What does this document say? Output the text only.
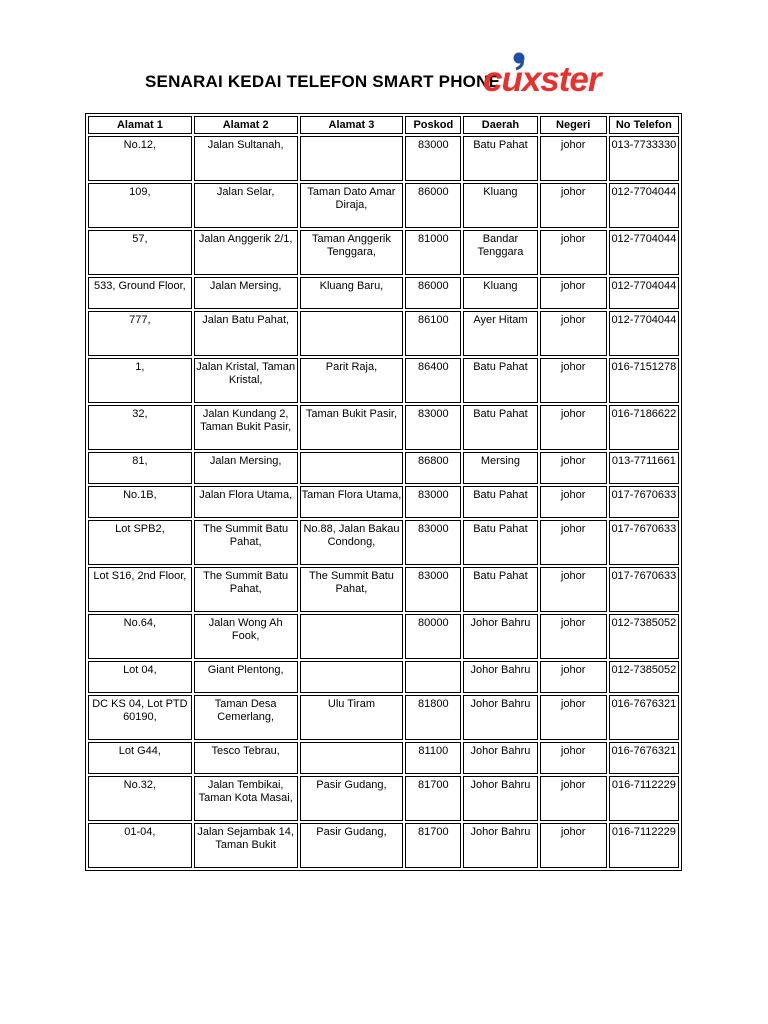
SENARAI KEDAI TELEFON SMART PHONE
cuxster
Alamat 1	Alamat 2	Alamat 3	Poskod	Daerah	Negeri	No Telefon
No.12,	Jalan Sultanah,		83000	Batu Pahat	johor	013-7733330
109,	Jalan Selar,	Taman Dato Amar Diraja,	86000	Kluang	johor	012-7704044
57,	Jalan Anggerik 2/1,	Taman Anggerik Tenggara,	81000	Bandar Tenggara	johor	012-7704044
533, Ground Floor,	Jalan Mersing,	Kluang Baru,	86000	Kluang	johor	012-7704044
777,	Jalan Batu Pahat,		86100	Ayer Hitam	johor	012-7704044
1,	Jalan Kristal, Taman Kristal,	Parit Raja,	86400	Batu Pahat	johor	016-7151278
32,	Jalan Kundang 2, Taman Bukit Pasir,	Taman Bukit Pasir,	83000	Batu Pahat	johor	016-7186622
81,	Jalan Mersing,		86800	Mersing	johor	013-7711661
No.1B,	Jalan Flora Utama,	Taman Flora Utama,	83000	Batu Pahat	johor	017-7670633
Lot SPB2,	The Summit Batu Pahat,	No.88, Jalan Bakau Condong,	83000	Batu Pahat	johor	017-7670633
Lot S16, 2nd Floor,	The Summit Batu Pahat,	The Summit Batu Pahat,	83000	Batu Pahat	johor	017-7670633
No.64,	Jalan Wong Ah Fook,		80000	Johor Bahru	johor	012-7385052
Lot 04,	Giant Plentong,			Johor Bahru	johor	012-7385052
DC KS 04, Lot PTD 60190,	Taman Desa Cemerlang,	Ulu Tiram	81800	Johor Bahru	johor	016-7676321
Lot G44,	Tesco Tebrau,		81100	Johor Bahru	johor	016-7676321
No.32,	Jalan Tembikai, Taman Kota Masai,	Pasir Gudang,	81700	Johor Bahru	johor	016-7112229
01-04,	Jalan Sejambak 14, Taman Bukit	Pasir Gudang,	81700	Johor Bahru	johor	016-7112229
